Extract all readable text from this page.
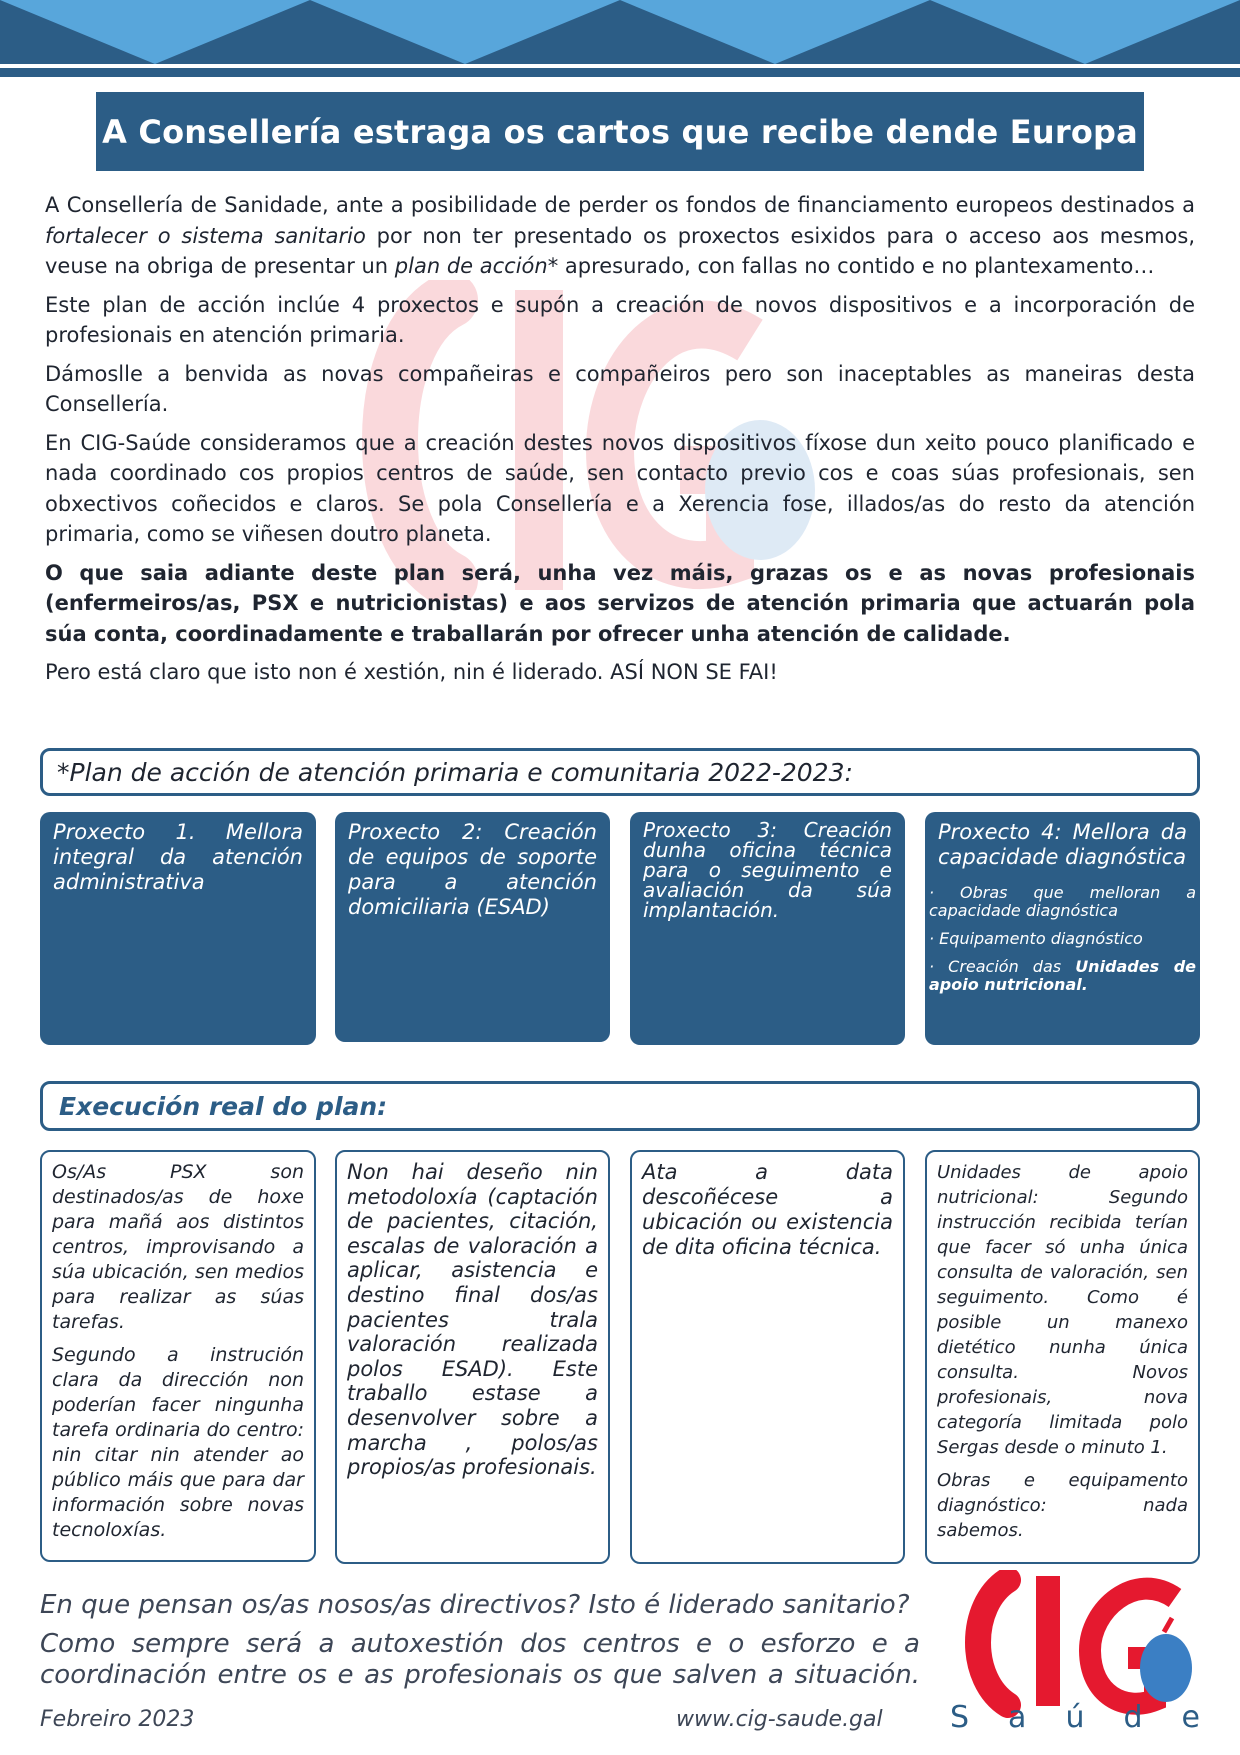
A Consellería estraga os cartos que recibe dende Europa

A Consellería de Sanidade, ante a posibilidade de perder os fondos de financiamento europeos destinados a fortalecer o sistema sanitario por non ter presentado os proxectos esixidos para o acceso aos mesmos, veuse na obriga de presentar un plan de acción* apresurado, con fallas no contido e no plantexamento…

Este plan de acción inclúe 4 proxectos e supón a creación de novos dispositivos e a incorporación de profesionais en atención primaria.

Dámoslle a benvida as novas compañeiras e compañeiros pero son inaceptables as maneiras desta Consellería.

En CIG-Saúde consideramos que a creación destes novos dispositivos fíxose dun xeito pouco planificado e nada coordinado cos propios centros de saúde, sen contacto previo cos e coas súas profesionais, sen obxectivos coñecidos e claros. Se pola Consellería e a Xerencia fose, illados/as do resto da atención primaria, como se viñesen doutro planeta.

O que saia adiante deste plan será, unha vez máis, grazas os e as novas profesionais (enfermeiros/as, PSX e nutricionistas) e aos servizos de atención primaria que actuarán pola súa conta, coordinadamente e traballarán por ofrecer unha atención de calidade.

Pero está claro que isto non é xestión, nin é liderado. ASÍ NON SE FAI!

*Plan de acción de atención primaria e comunitaria 2022-2023:
Proxecto 1. Mellora integral da atención administrativa
Proxecto 2: Creación de equipos de soporte para a atención domiciliaria (ESAD)
Proxecto 3: Creación dunha oficina técnica para o seguimento e avaliación da súa implantación.
Proxecto 4: Mellora da capacidade diagnóstica
· Obras que melloran a capacidade diagnóstica
· Equipamento diagnóstico
· Creación das Unidades de apoio nutricional.
Execución real do plan:

Os/As PSX son destinados/as de hoxe para mañá aos distintos centros, improvisando a súa ubicación, sen medios para realizar as súas tarefas.

Segundo a instrución clara da dirección non poderían facer ningunha tarefa ordinaria do centro: nin citar nin atender ao público máis que para dar información sobre novas tecnoloxías.

Non hai deseño nin metodoloxía (captación de pacientes, citación, escalas de valoración a aplicar, asistencia e destino final dos/as pacientes trala valoración realizada polos ESAD). Este traballo estase a desenvolver sobre a marcha , polos/as propios/as profesionais.

Ata a data descoñécese a ubicación ou existencia de dita oficina técnica.

Unidades de apoio nutricional: Segundo instrucción recibida terían que facer só unha única consulta de valoración, sen seguimento. Como é posible un manexo dietético nunha única consulta. Novos profesionais, nova categoría limitada polo Sergas desde o minuto 1.

Obras e equipamento diagnóstico: nada sabemos.

En que pensan os/as nosos/as directivos? Isto é liderado sanitario?
Como sempre será a autoxestión dos centros e o esforzo e a coordinación entre os e as profesionais os que salven a situación.
S a ú d e
Febreiro 2023	www.cig-saude.gal
